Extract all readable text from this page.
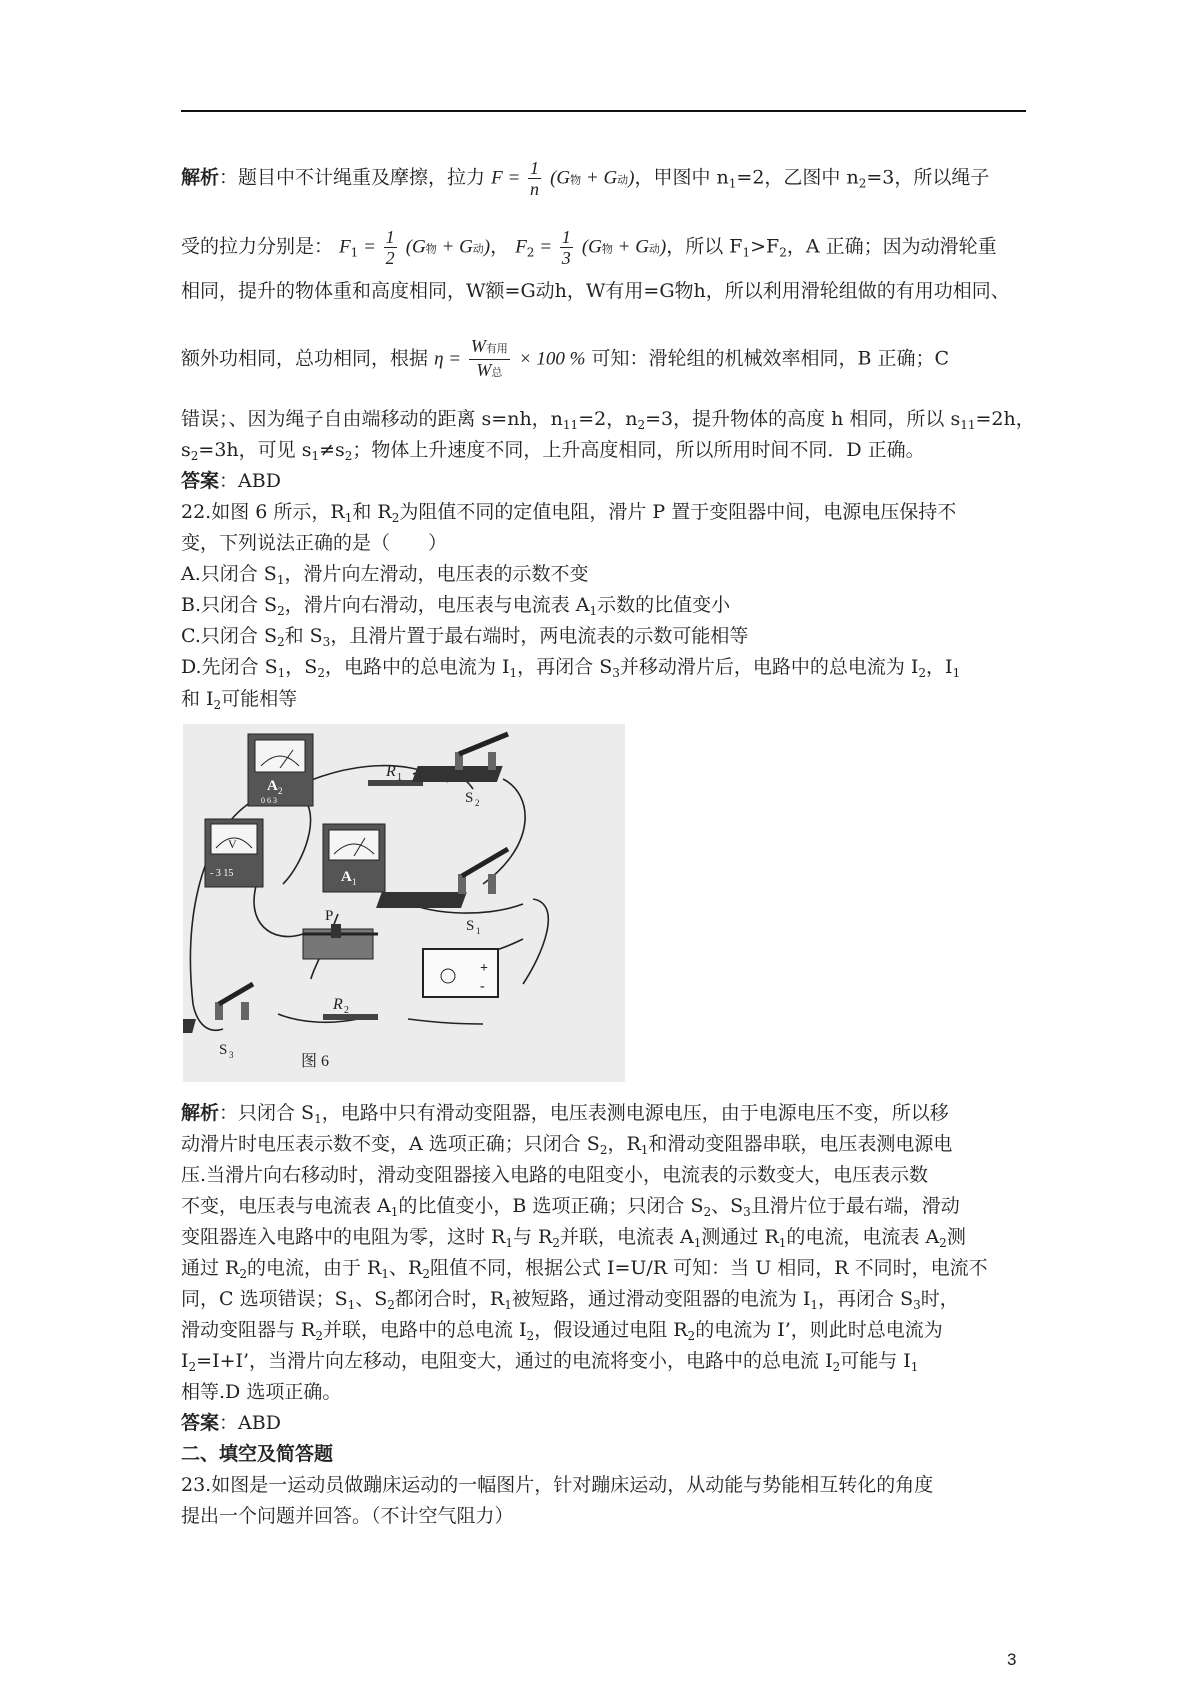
解析：题目中不计绳重及摩擦，拉力 $F = \frac{1}{n} (G$物 + G动)，甲图中 $n_1=2$，乙图中 $n_2=3$，所以绳子
受的拉力分别是： $F_1 = \frac{1}{2} (G$物 + G动)， $F_2 = \frac{1}{3} (G$物 + G动)，所以 $F_1>F_2$，A 正确；因为动滑轮重
相同，提升的物体重和高度相同，W额=G动h，W有用=G物h，所以利用滑轮组做的有用功相同、
额外功相同，总功相同，根据 $\eta = \frac{\text{W有用}}{\text{W总}} \times 100$ % 可知：滑轮组的机械效率相同，B 正确；C
错误；、因为绳子自由端移动的距离 s=nh，$n_{11}=2$，$n_2=3$，提升物体的高度 h 相同，所以 $s_{11}=2h$，
$s_2=3h$，可见 $s_1\ne s_2$；物体上升速度不同，上升高度相同，所以所用时间不同．D 正确。
答案：ABD
22.如图 6 所示，$R_1$和 $R_2$为阻值不同的定值电阻，滑片 P 置于变阻器中间，电源电压保持不
变，下列说法正确的是（　　）
A.只闭合 $S_1$，滑片向左滑动，电压表的示数不变
B.只闭合 $S_2$，滑片向右滑动，电压表与电流表 $A_1$示数的比值变小
C.只闭合 $S_2$和 $S_3$，且滑片置于最右端时，两电流表的示数可能相等
D.先闭合 $S_1$，$S_2$，电路中的总电流为 $I_1$，再闭合 $S_3$并移动滑片后，电路中的总电流为 $I_2$，$I_1$
和 $I_2$可能相等
A 2
0 6 3
V
- 3 15	A 1
R 1
S 2
S 1
P
+
-
R 2
S 3	图 6
解析：只闭合 $S_1$，电路中只有滑动变阻器，电压表测电源电压，由于电源电压不变，所以移
动滑片时电压表示数不变，A 选项正确；只闭合 $S_2$，$R_1$和滑动变阻器串联，电压表测电源电
压.当滑片向右移动时，滑动变阻器接入电路的电阻变小，电流表的示数变大，电压表示数
不变，电压表与电流表 $A_1$的比值变小，B 选项正确；只闭合 $S_2$、$S_3$且滑片位于最右端，滑动
变阻器连入电路中的电阻为零，这时 $R_1$与 $R_2$并联，电流表 $A_1$测通过 $R_1$的电流，电流表 $A_2$测
通过 $R_2$的电流，由于 $R_1$、$R_2$阻值不同，根据公式 I=U/R 可知：当 U 相同，R 不同时，电流不
同，C 选项错误；$S_1$、$S_2$都闭合时，$R_1$被短路，通过滑动变阻器的电流为 $I_1$，再闭合 $S_3$时，
滑动变阻器与 $R_2$并联，电路中的总电流 $I_2$，假设通过电阻 $R_2$的电流为 I’，则此时总电流为
$I_2=I+I$’，当滑片向左移动，电阻变大，通过的电流将变小，电路中的总电流 $I_2$可能与 $I_1$
相等.D 选项正确。
答案：ABD
二、填空及简答题
23.如图是一运动员做蹦床运动的一幅图片，针对蹦床运动，从动能与势能相互转化的角度
提出一个问题并回答。（不计空气阻力）
3
